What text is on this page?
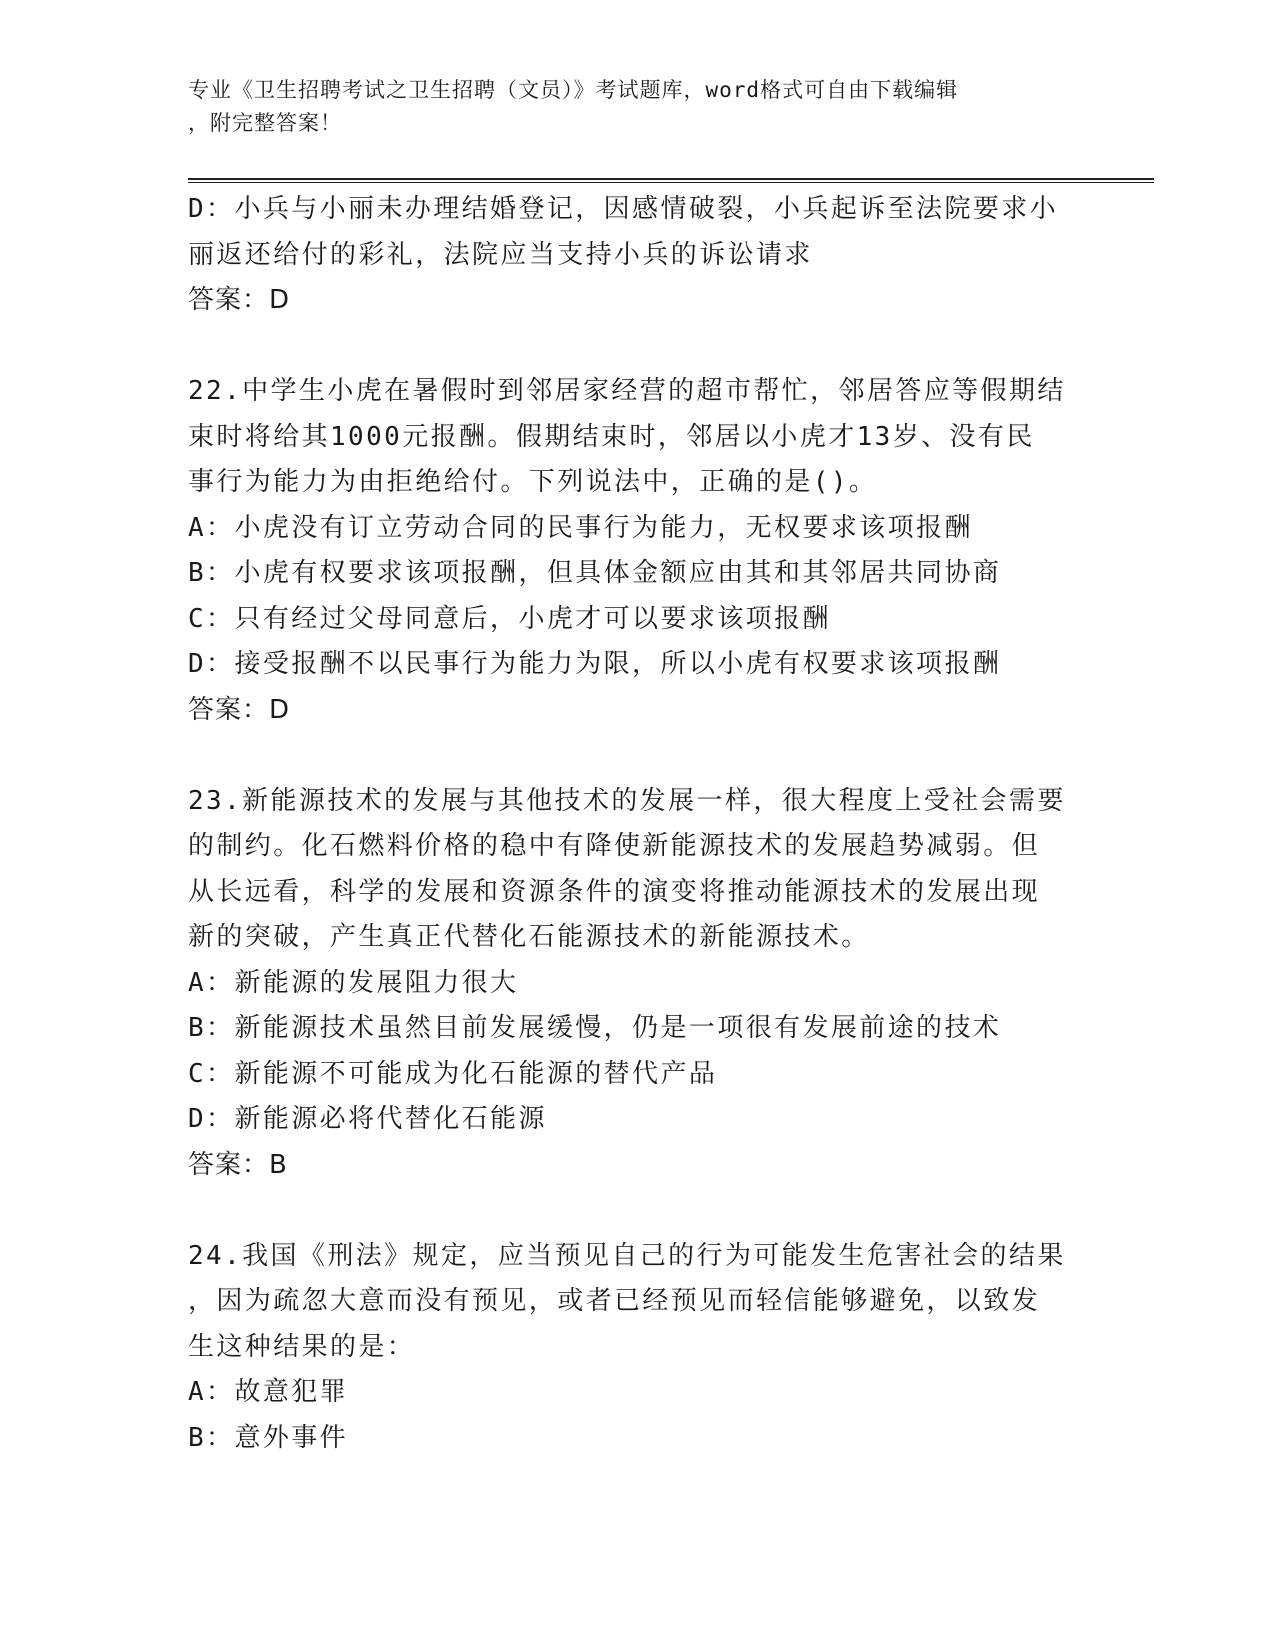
专业《卫生招聘考试之卫生招聘（文员）》考试题库，word格式可自由下载编辑
，附完整答案！
D：小兵与小丽未办理结婚登记，因感情破裂，小兵起诉至法院要求小
丽返还给付的彩礼，法院应当支持小兵的诉讼请求
答案：D
22.中学生小虎在暑假时到邻居家经营的超市帮忙，邻居答应等假期结
束时将给其1000元报酬。假期结束时，邻居以小虎才13岁、没有民
事行为能力为由拒绝给付。下列说法中，正确的是()。
A：小虎没有订立劳动合同的民事行为能力，无权要求该项报酬
B：小虎有权要求该项报酬，但具体金额应由其和其邻居共同协商
C：只有经过父母同意后，小虎才可以要求该项报酬
D：接受报酬不以民事行为能力为限，所以小虎有权要求该项报酬
答案：D
23.新能源技术的发展与其他技术的发展一样，很大程度上受社会需要
的制约。化石燃料价格的稳中有降使新能源技术的发展趋势减弱。但
从长远看，科学的发展和资源条件的演变将推动能源技术的发展出现
新的突破，产生真正代替化石能源技术的新能源技术。
A：新能源的发展阻力很大
B：新能源技术虽然目前发展缓慢，仍是一项很有发展前途的技术
C：新能源不可能成为化石能源的替代产品
D：新能源必将代替化石能源
答案：B
24.我国《刑法》规定，应当预见自己的行为可能发生危害社会的结果
，因为疏忽大意而没有预见，或者已经预见而轻信能够避免，以致发
生这种结果的是：
A：故意犯罪
B：意外事件
